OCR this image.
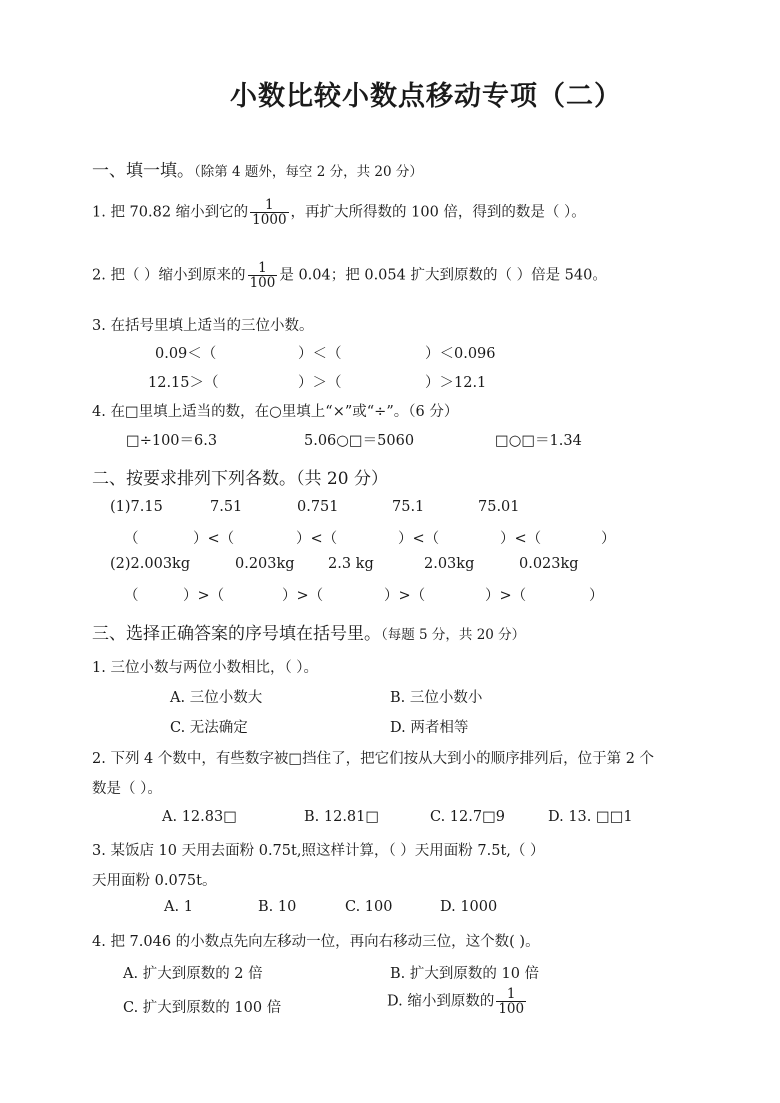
小数比较小数点移动专项（二）
一、填一填。（除第 4 题外，每空 2 分，共 20 分）
1. 把 70.82 缩小到它的 $\frac{1}{1000}$ ，再扩大所得数的 100 倍，得到的数是（ ）。
2. 把（ ）缩小到原来的 $\frac{1}{100}$ 是 0.04；把 0.054 扩大到原数的（ ）倍是 540。
3. 在括号里填上适当的三位小数。
0.09＜（	）＜（	）＜0.096
12.15＞（	）＞（	）＞12.1
4. 在□里填上适当的数，在○里填上“×”或“÷”。（6 分）
□÷100＝6.3	5.06○□＝5060	□○□＝1.34
二、按要求排列下列各数。（共 20 分）
(1)7.15	7.51	0.751	75.1	75.01
（	）<（	）<（	）<（	）<（	）
(2)2.003kg	0.203kg 2.3 kg	2.03kg	0.023kg
（	）>（	）>（	）>（	）>（	）
三、选择正确答案的序号填在括号里。（每题 5 分，共 20 分）
1. 三位小数与两位小数相比，（ ）。
A. 三位小数大	B. 三位小数小
C. 无法确定	D. 两者相等
2. 下列 4 个数中，有些数字被□挡住了，把它们按从大到小的顺序排列后，位于第 2 个
数是（ ）。
A. 12.83□	B. 12.81□	C. 12.7□9	D. 13. □□1
3. 某饭店 10 天用去面粉 0.75t,照这样计算，（ ）天用面粉 7.5t,（ ）
天用面粉 0.075t。
A. 1	B. 10	C. 100	D. 1000
4. 把 7.046 的小数点先向左移动一位，再向右移动三位，这个数( )。
A. 扩大到原数的 2 倍	B. 扩大到原数的 10 倍
C. 扩大到原数的 100 倍	D. 缩小到原数的 $\frac{1}{100}$
